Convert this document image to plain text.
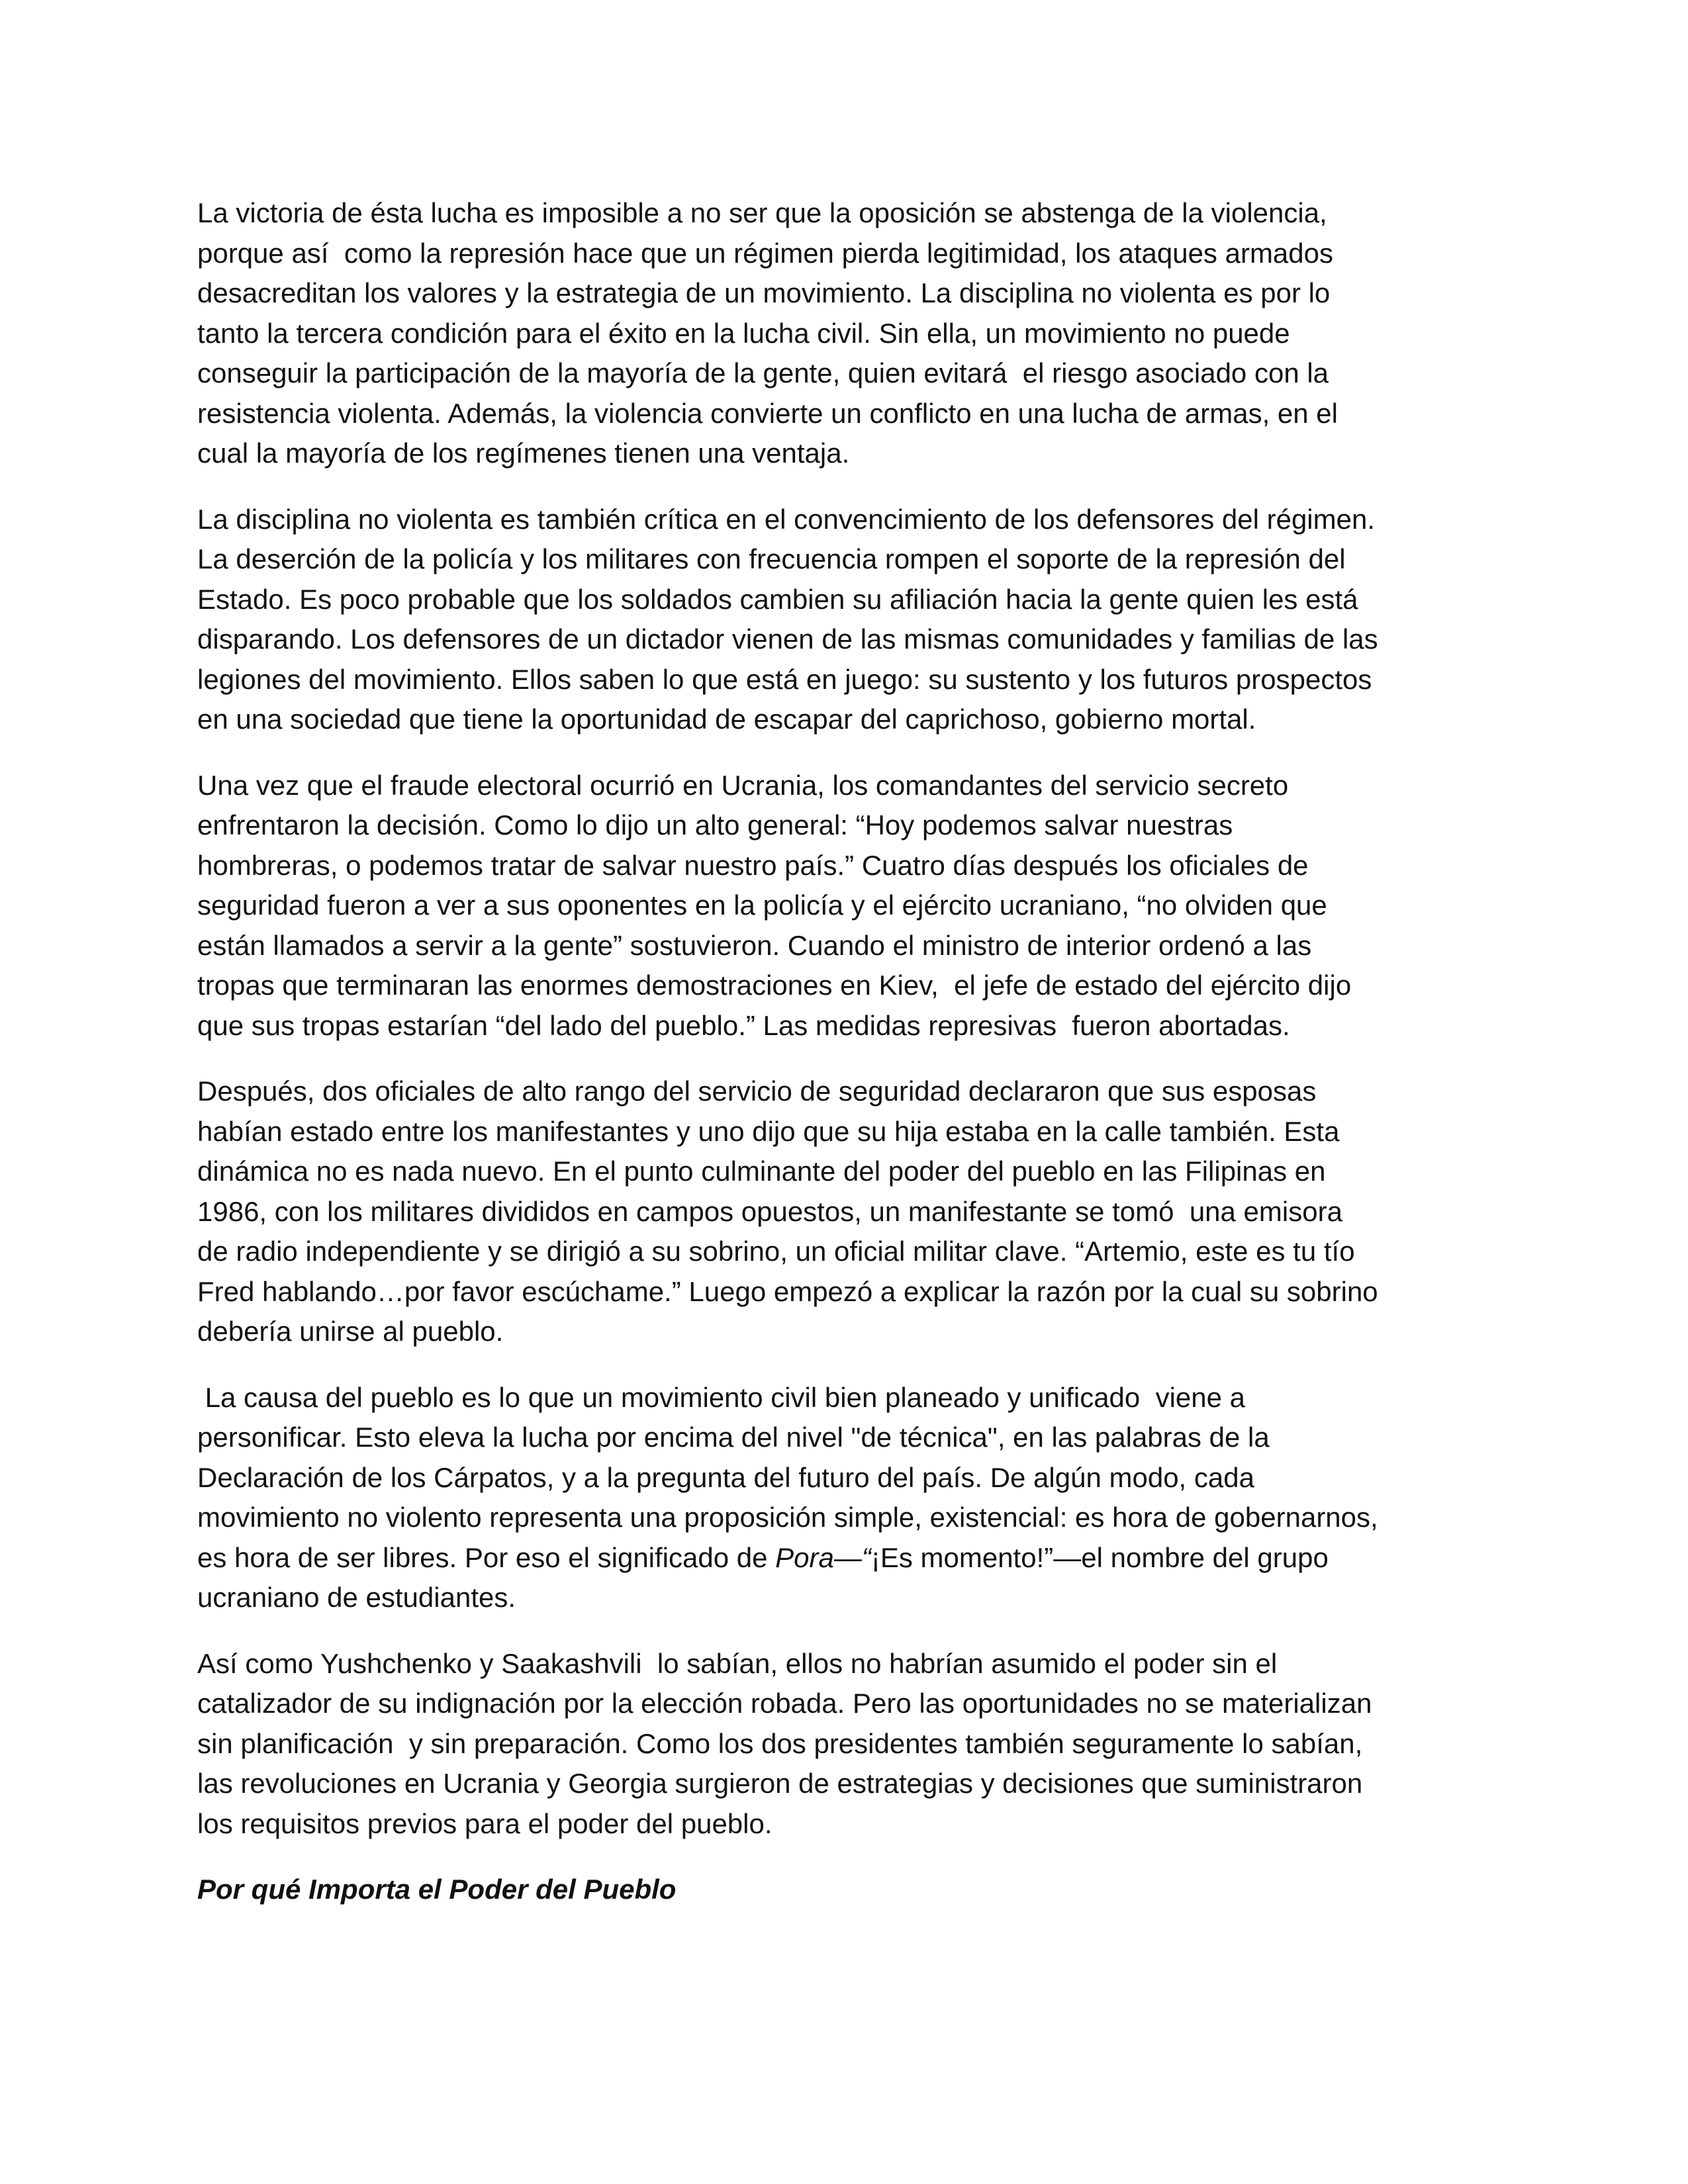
La victoria de ésta lucha es imposible a no ser que la oposición se abstenga de la violencia,
porque así  como la represión hace que un régimen pierda legitimidad, los ataques armados
desacreditan los valores y la estrategia de un movimiento. La disciplina no violenta es por lo
tanto la tercera condición para el éxito en la lucha civil. Sin ella, un movimiento no puede
conseguir la participación de la mayoría de la gente, quien evitará  el riesgo asociado con la
resistencia violenta. Además, la violencia convierte un conflicto en una lucha de armas, en el
cual la mayoría de los regímenes tienen una ventaja.

La disciplina no violenta es también crítica en el convencimiento de los defensores del régimen.
La deserción de la policía y los militares con frecuencia rompen el soporte de la represión del
Estado. Es poco probable que los soldados cambien su afiliación hacia la gente quien les está
disparando. Los defensores de un dictador vienen de las mismas comunidades y familias de las
legiones del movimiento. Ellos saben lo que está en juego: su sustento y los futuros prospectos
en una sociedad que tiene la oportunidad de escapar del caprichoso, gobierno mortal.

Una vez que el fraude electoral ocurrió en Ucrania, los comandantes del servicio secreto
enfrentaron la decisión. Como lo dijo un alto general: “Hoy podemos salvar nuestras
hombreras, o podemos tratar de salvar nuestro país.” Cuatro días después los oficiales de
seguridad fueron a ver a sus oponentes en la policía y el ejército ucraniano, “no olviden que
están llamados a servir a la gente” sostuvieron. Cuando el ministro de interior ordenó a las
tropas que terminaran las enormes demostraciones en Kiev,  el jefe de estado del ejército dijo
que sus tropas estarían “del lado del pueblo.” Las medidas represivas  fueron abortadas.

Después, dos oficiales de alto rango del servicio de seguridad declararon que sus esposas
habían estado entre los manifestantes y uno dijo que su hija estaba en la calle también. Esta
dinámica no es nada nuevo. En el punto culminante del poder del pueblo en las Filipinas en
1986, con los militares divididos en campos opuestos, un manifestante se tomó  una emisora
de radio independiente y se dirigió a su sobrino, un oficial militar clave. “Artemio, este es tu tío
Fred hablando…por favor escúchame.” Luego empezó a explicar la razón por la cual su sobrino
debería unirse al pueblo.

La causa del pueblo es lo que un movimiento civil bien planeado y unificado  viene a
personificar. Esto eleva la lucha por encima del nivel "de técnica", en las palabras de la
Declaración de los Cárpatos, y a la pregunta del futuro del país. De algún modo, cada
movimiento no violento representa una proposición simple, existencial: es hora de gobernarnos,
es hora de ser libres. Por eso el significado de Pora—“¡Es momento!”—el nombre del grupo
ucraniano de estudiantes.

Así como Yushchenko y Saakashvili  lo sabían, ellos no habrían asumido el poder sin el
catalizador de su indignación por la elección robada. Pero las oportunidades no se materializan
sin planificación  y sin preparación. Como los dos presidentes también seguramente lo sabían,
las revoluciones en Ucrania y Georgia surgieron de estrategias y decisiones que suministraron
los requisitos previos para el poder del pueblo.

Por qué Importa el Poder del Pueblo
